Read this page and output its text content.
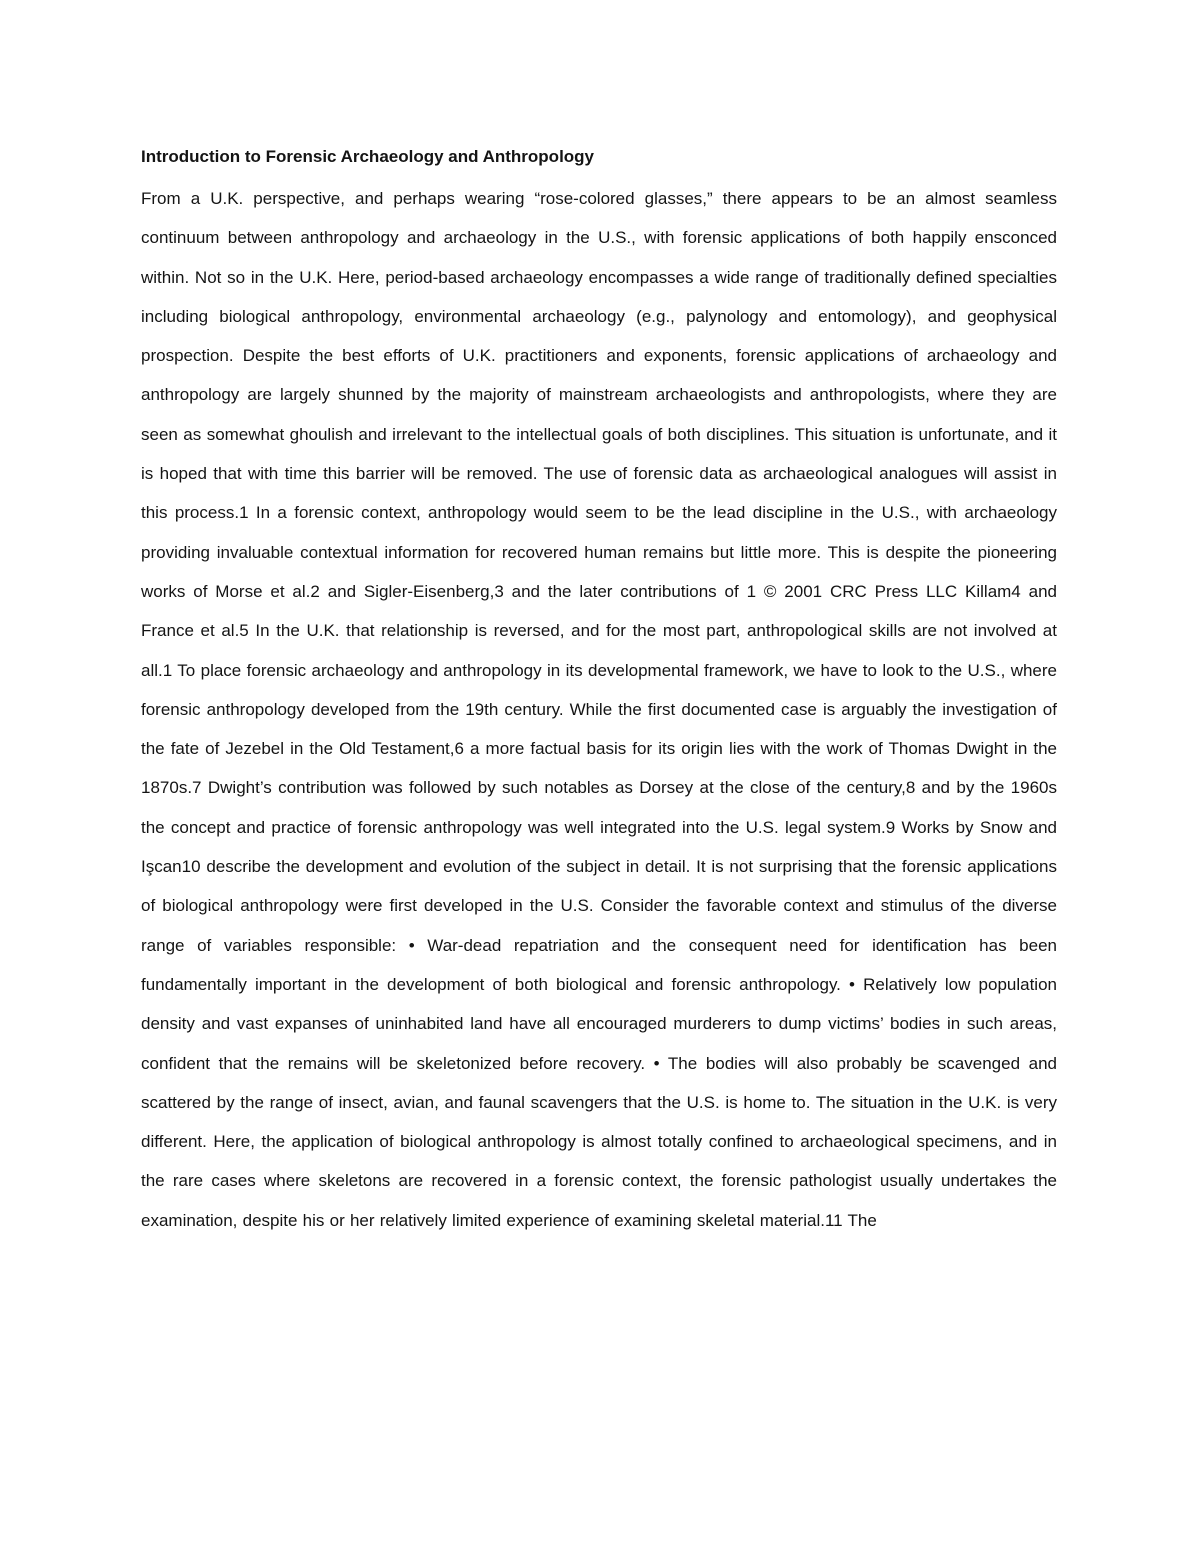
Introduction to Forensic Archaeology and Anthropology

From a U.K. perspective, and perhaps wearing “rose-colored glasses,” there appears to be an almost seamless continuum between anthropology and archaeology in the U.S., with forensic applications of both happily ensconced within. Not so in the U.K. Here, period-based archaeology encompasses a wide range of traditionally defined specialties including biological anthropology, environmental archaeology (e.g., palynology and entomology), and geophysical prospection. Despite the best efforts of U.K. practitioners and exponents, forensic applications of archaeology and anthropology are largely shunned by the majority of mainstream archaeologists and anthropologists, where they are seen as somewhat ghoulish and irrelevant to the intellectual goals of both disciplines. This situation is unfortunate, and it is hoped that with time this barrier will be removed. The use of forensic data as archaeological analogues will assist in this process.1 In a forensic context, anthropology would seem to be the lead discipline in the U.S., with archaeology providing invaluable contextual information for recovered human remains but little more. This is despite the pioneering works of Morse et al.2 and Sigler-Eisenberg,3 and the later contributions of 1 © 2001 CRC Press LLC Killam4 and France et al.5 In the U.K. that relationship is reversed, and for the most part, anthropological skills are not involved at all.1 To place forensic archaeology and anthropology in its developmental framework, we have to look to the U.S., where forensic anthropology developed from the 19th century. While the first documented case is arguably the investigation of the fate of Jezebel in the Old Testament,6 a more factual basis for its origin lies with the work of Thomas Dwight in the 1870s.7 Dwight’s contribution was followed by such notables as Dorsey at the close of the century,8 and by the 1960s the concept and practice of forensic anthropology was well integrated into the U.S. legal system.9 Works by Snow and Işcan10 describe the development and evolution of the subject in detail. It is not surprising that the forensic applications of biological anthropology were first developed in the U.S. Consider the favorable context and stimulus of the diverse range of variables responsible: • War-dead repatriation and the consequent need for identification has been fundamentally important in the development of both biological and forensic anthropology. • Relatively low population density and vast expanses of uninhabited land have all encouraged murderers to dump victims’ bodies in such areas, confident that the remains will be skeletonized before recovery. • The bodies will also probably be scavenged and scattered by the range of insect, avian, and faunal scavengers that the U.S. is home to. The situation in the U.K. is very different. Here, the application of biological anthropology is almost totally confined to archaeological specimens, and in the rare cases where skeletons are recovered in a forensic context, the forensic pathologist usually undertakes the examination, despite his or her relatively limited experience of examining skeletal material.11 The
